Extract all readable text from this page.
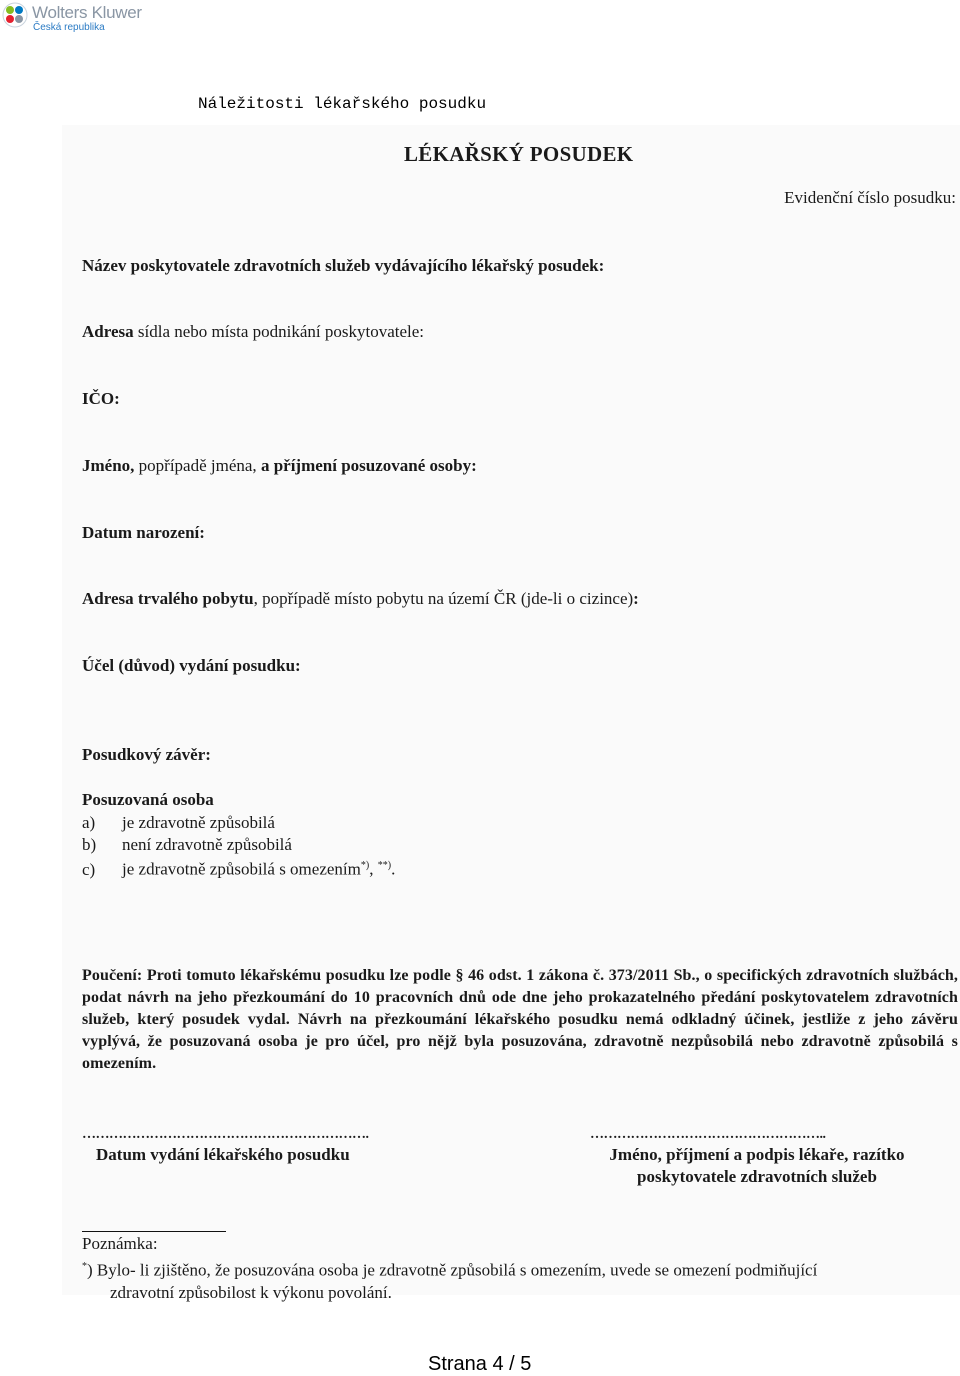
Wolters Kluwer
Česká republika
Náležitosti lékařského posudku
LÉKAŘSKÝ POSUDEK
Evidenční číslo posudku:
Název poskytovatele zdravotních služeb vydávajícího lékařský posudek:
Adresa sídla nebo místa podnikání poskytovatele:
IČO:
Jméno, popřípadě jména, a příjmení posuzované osoby:
Datum narození:
Adresa trvalého pobytu, popřípadě místo pobytu na území ČR (jde-li o cizince):
Účel (důvod) vydání posudku:
Posudkový závěr:
Posuzovaná osoba
a) je zdravotně způsobilá
b) není zdravotně způsobilá
c) je zdravotně způsobilá s omezením*), **).
Poučení: Proti tomuto lékařskému posudku lze podle § 46 odst. 1 zákona č. 373/2011 Sb., o specifických zdravotních službách, podat návrh na jeho přezkoumání do 10 pracovních dnů ode dne jeho prokazatelného předání poskytovatelem zdravotních služeb, který posudek vydal. Návrh na přezkoumání lékařského posudku nemá odkladný účinek, jestliže z jeho závěru vyplývá, že posuzovaná osoba je pro účel, pro nějž byla posuzována, zdravotně nezpůsobilá nebo zdravotně způsobilá s omezením.
……………………………………………………….	……………………………………………..
Datum vydání lékařského posudku	Jméno, příjmení a podpis lékaře, razítko
poskytovatele zdravotních služeb
Poznámka:
*) Bylo- li zjištěno, že posuzována osoba je zdravotně způsobilá s omezením, uvede se omezení podmiňující
zdravotní způsobilost k výkonu povolání.
Strana 4 / 5
